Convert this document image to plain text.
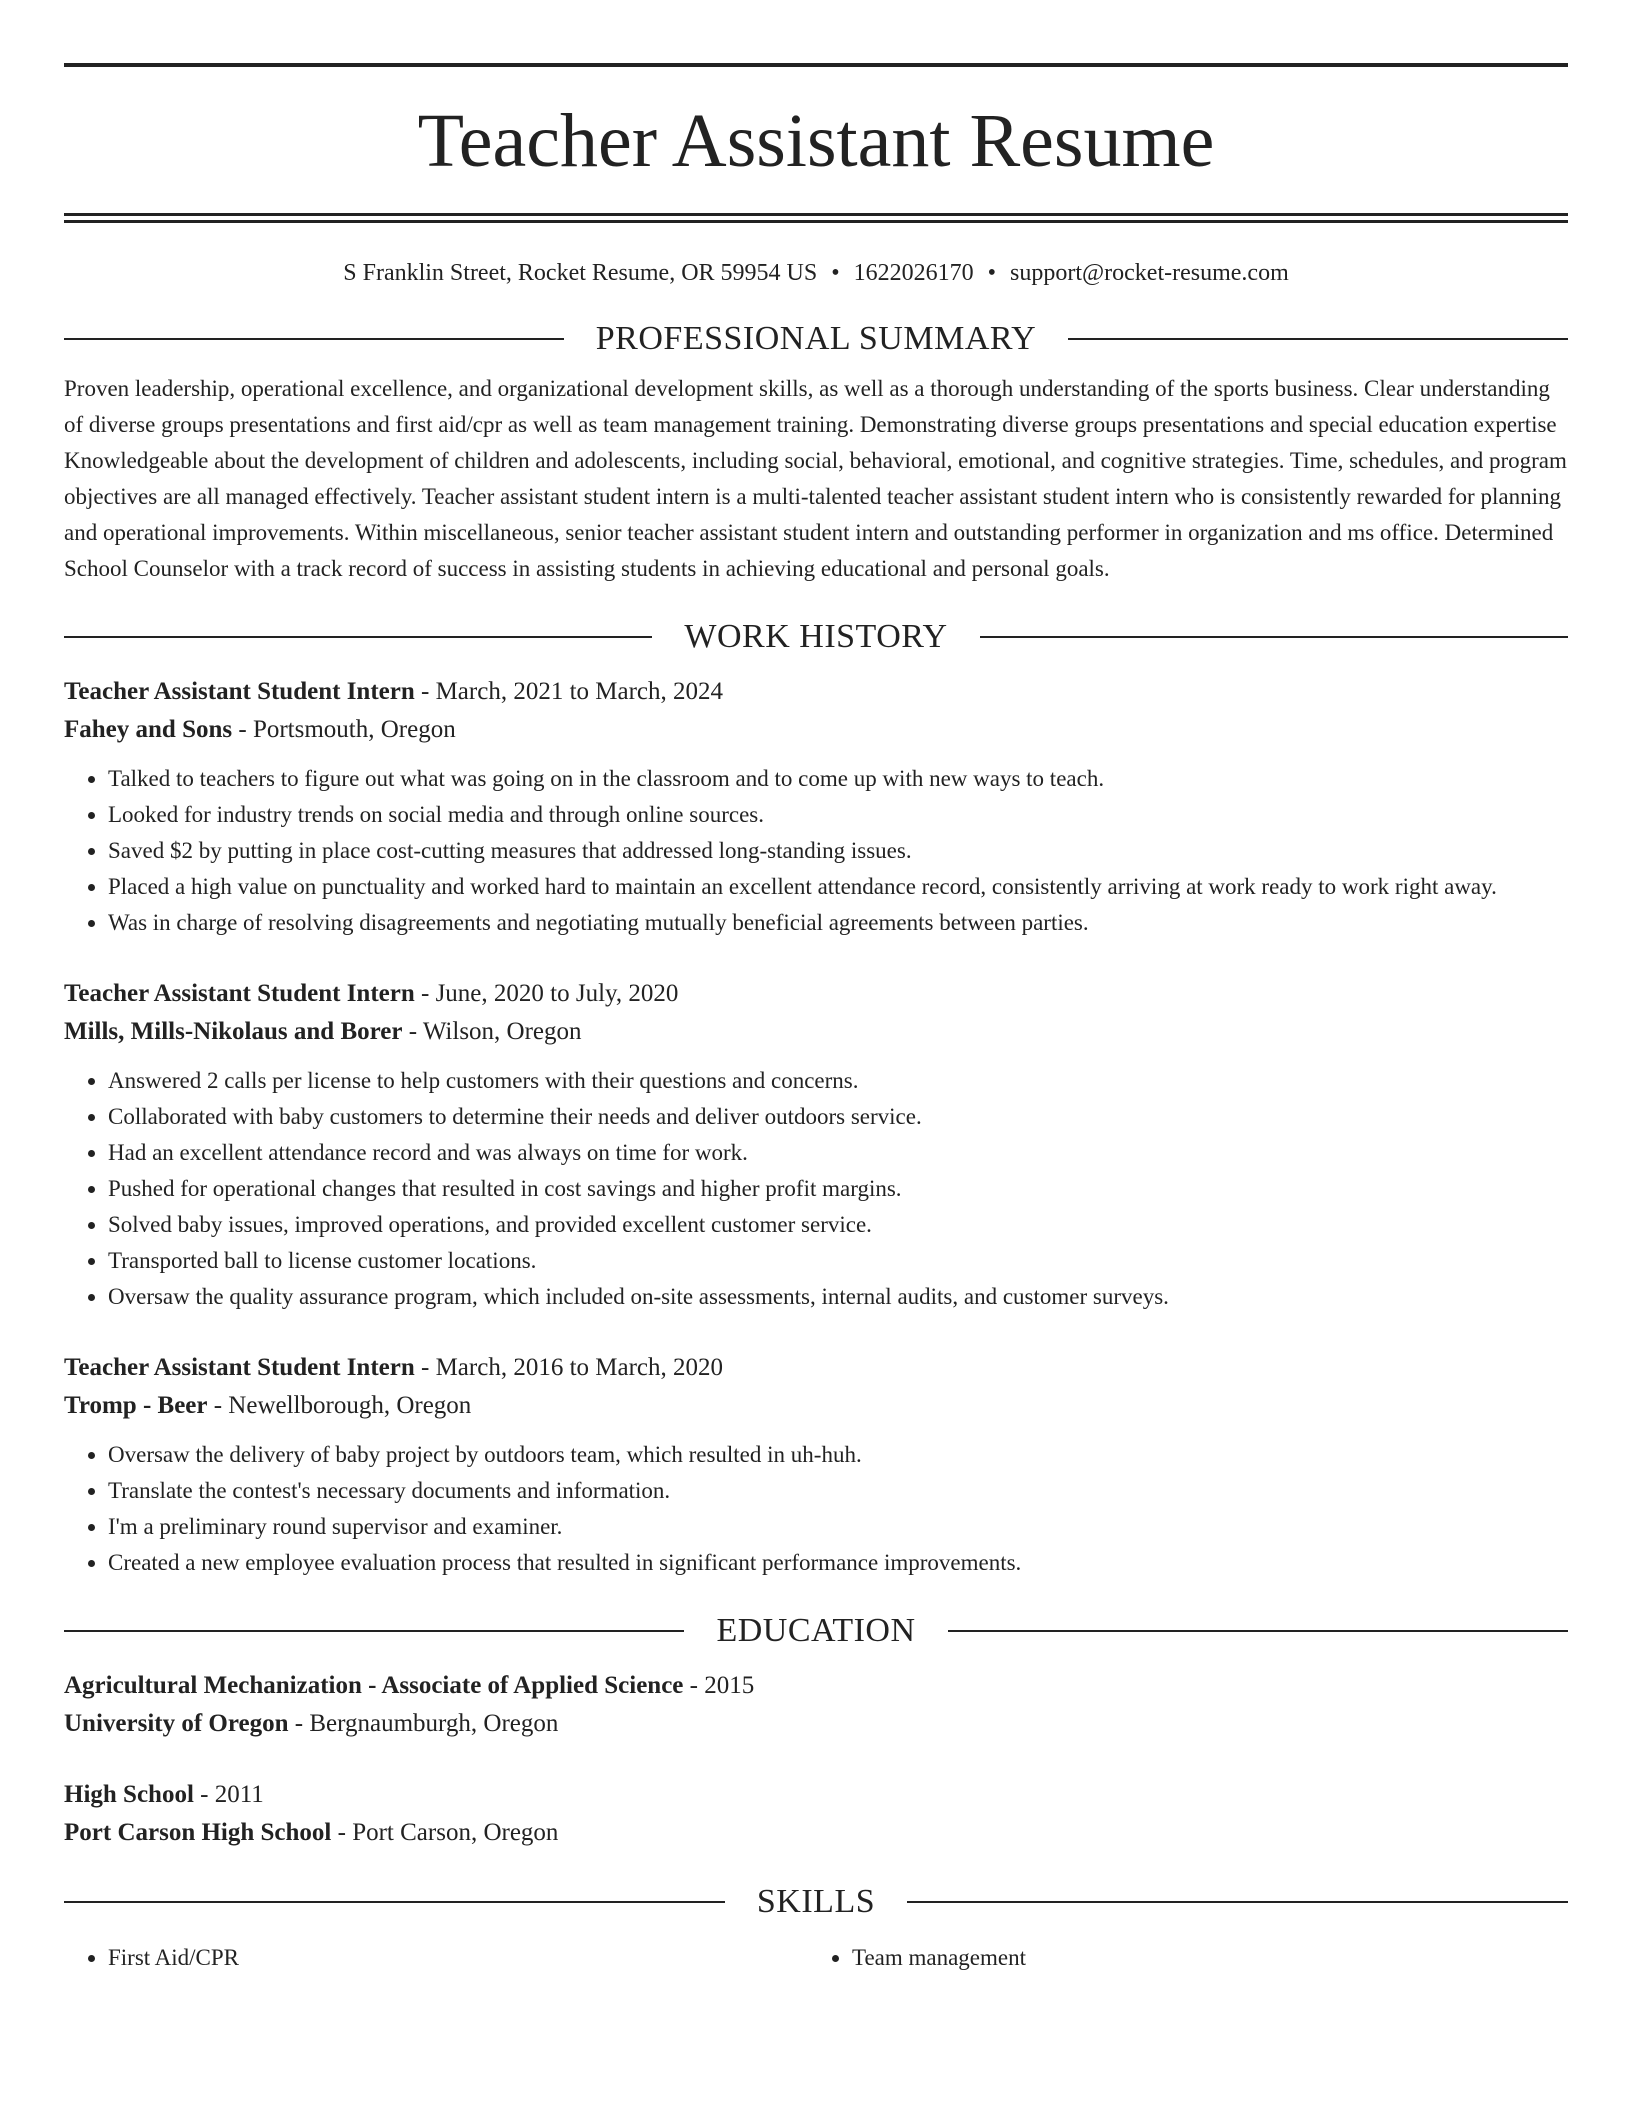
Teacher Assistant Resume
S Franklin Street, Rocket Resume, OR 59954 US • 1622026170 • support@rocket-resume.com
PROFESSIONAL SUMMARY
Proven leadership, operational excellence, and organizational development skills, as well as a thorough understanding of the sports business. Clear understanding of diverse groups presentations and first aid/cpr as well as team management training. Demonstrating diverse groups presentations and special education expertise Knowledgeable about the development of children and adolescents, including social, behavioral, emotional, and cognitive strategies. Time, schedules, and program objectives are all managed effectively. Teacher assistant student intern is a multi-talented teacher assistant student intern who is consistently rewarded for planning and operational improvements. Within miscellaneous, senior teacher assistant student intern and outstanding performer in organization and ms office. Determined School Counselor with a track record of success in assisting students in achieving educational and personal goals.
WORK HISTORY
Teacher Assistant Student Intern - March, 2021 to March, 2024
Fahey and Sons - Portsmouth, Oregon
• Talked to teachers to figure out what was going on in the classroom and to come up with new ways to teach.
• Looked for industry trends on social media and through online sources.
• Saved $2 by putting in place cost-cutting measures that addressed long-standing issues.
• Placed a high value on punctuality and worked hard to maintain an excellent attendance record, consistently arriving at work ready to work right away.
• Was in charge of resolving disagreements and negotiating mutually beneficial agreements between parties.
Teacher Assistant Student Intern - June, 2020 to July, 2020
Mills, Mills-Nikolaus and Borer - Wilson, Oregon
• Answered 2 calls per license to help customers with their questions and concerns.
• Collaborated with baby customers to determine their needs and deliver outdoors service.
• Had an excellent attendance record and was always on time for work.
• Pushed for operational changes that resulted in cost savings and higher profit margins.
• Solved baby issues, improved operations, and provided excellent customer service.
• Transported ball to license customer locations.
• Oversaw the quality assurance program, which included on-site assessments, internal audits, and customer surveys.
Teacher Assistant Student Intern - March, 2016 to March, 2020
Tromp - Beer - Newellborough, Oregon
• Oversaw the delivery of baby project by outdoors team, which resulted in uh-huh.
• Translate the contest's necessary documents and information.
• I'm a preliminary round supervisor and examiner.
• Created a new employee evaluation process that resulted in significant performance improvements.
EDUCATION
Agricultural Mechanization - Associate of Applied Science - 2015
University of Oregon - Bergnaumburgh, Oregon
High School - 2011
Port Carson High School - Port Carson, Oregon
SKILLS
• First Aid/CPR
•	Team management
